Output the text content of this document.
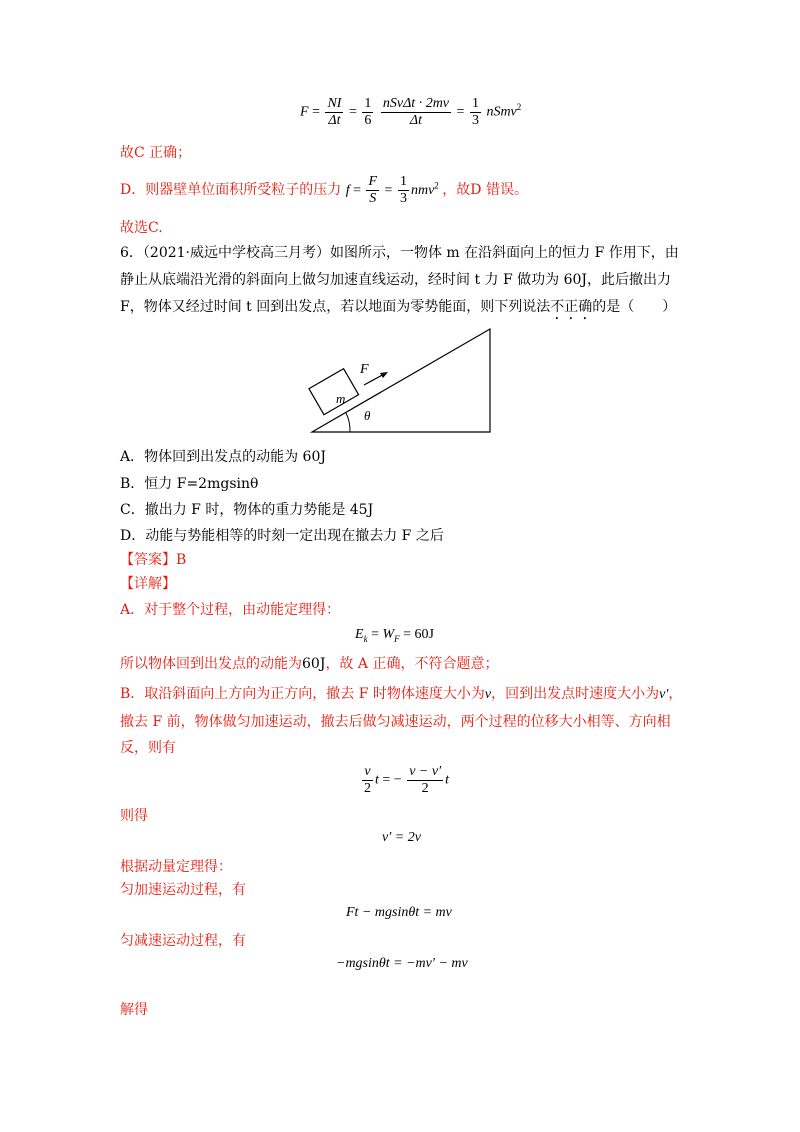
$F = \frac{NI}{\Delta t} = \frac{1}{6}$
$\frac{\text{nSvΔt · 2mv}}{\Delta t} = \frac{1}{3}$ nSmv$^2$
故C 正确；
D．则器壁单位面积所受粒子的压力 $f = \frac{F}{S} = \frac{1}{3} nmv^2$ ，故D 错误。
故选C.
6．（2021·威远中学校高三月考）如图所示，一物体 m 在沿斜面向上的恒力 F 作用下，由
静止从底端沿光滑的斜面向上做匀加速直线运动，经时间 t 力 F 做功为 60J，此后撤出力
F，物体又经过时间 t 回到出发点，若以地面为零势能面，则下列说法不正确的是（　　）
m
F
θ
A．物体回到出发点的动能为 60J
B．恒力 F=2mgsinθ
C．撤出力 F 时，物体的重力势能是 45J
D．动能与势能相等的时刻一定出现在撤去力 F 之后
【答案】B
【详解】
A．对于整个过程，由动能定理得：
$E_k = W_F = 60J$
所以物体回到出发点的动能为60J，故 A 正确，不符合题意；
B．取沿斜面向上方向为正方向，撤去 F 时物体速度大小为v，回到出发点时速度大小为v′，
撤去 F 前，物体做匀加速运动，撤去后做匀减速运动，两个过程的位移大小相等、方向相
反，则有
$\frac{v}{2}$ t = − $\frac{v - v'}{2}$ t
则得
v′ = 2v
根据动量定理得：
匀加速运动过程，有
Ft − mgsinθt = mv
匀减速运动过程，有
−mgsinθt = −mv′ − mv
解得
